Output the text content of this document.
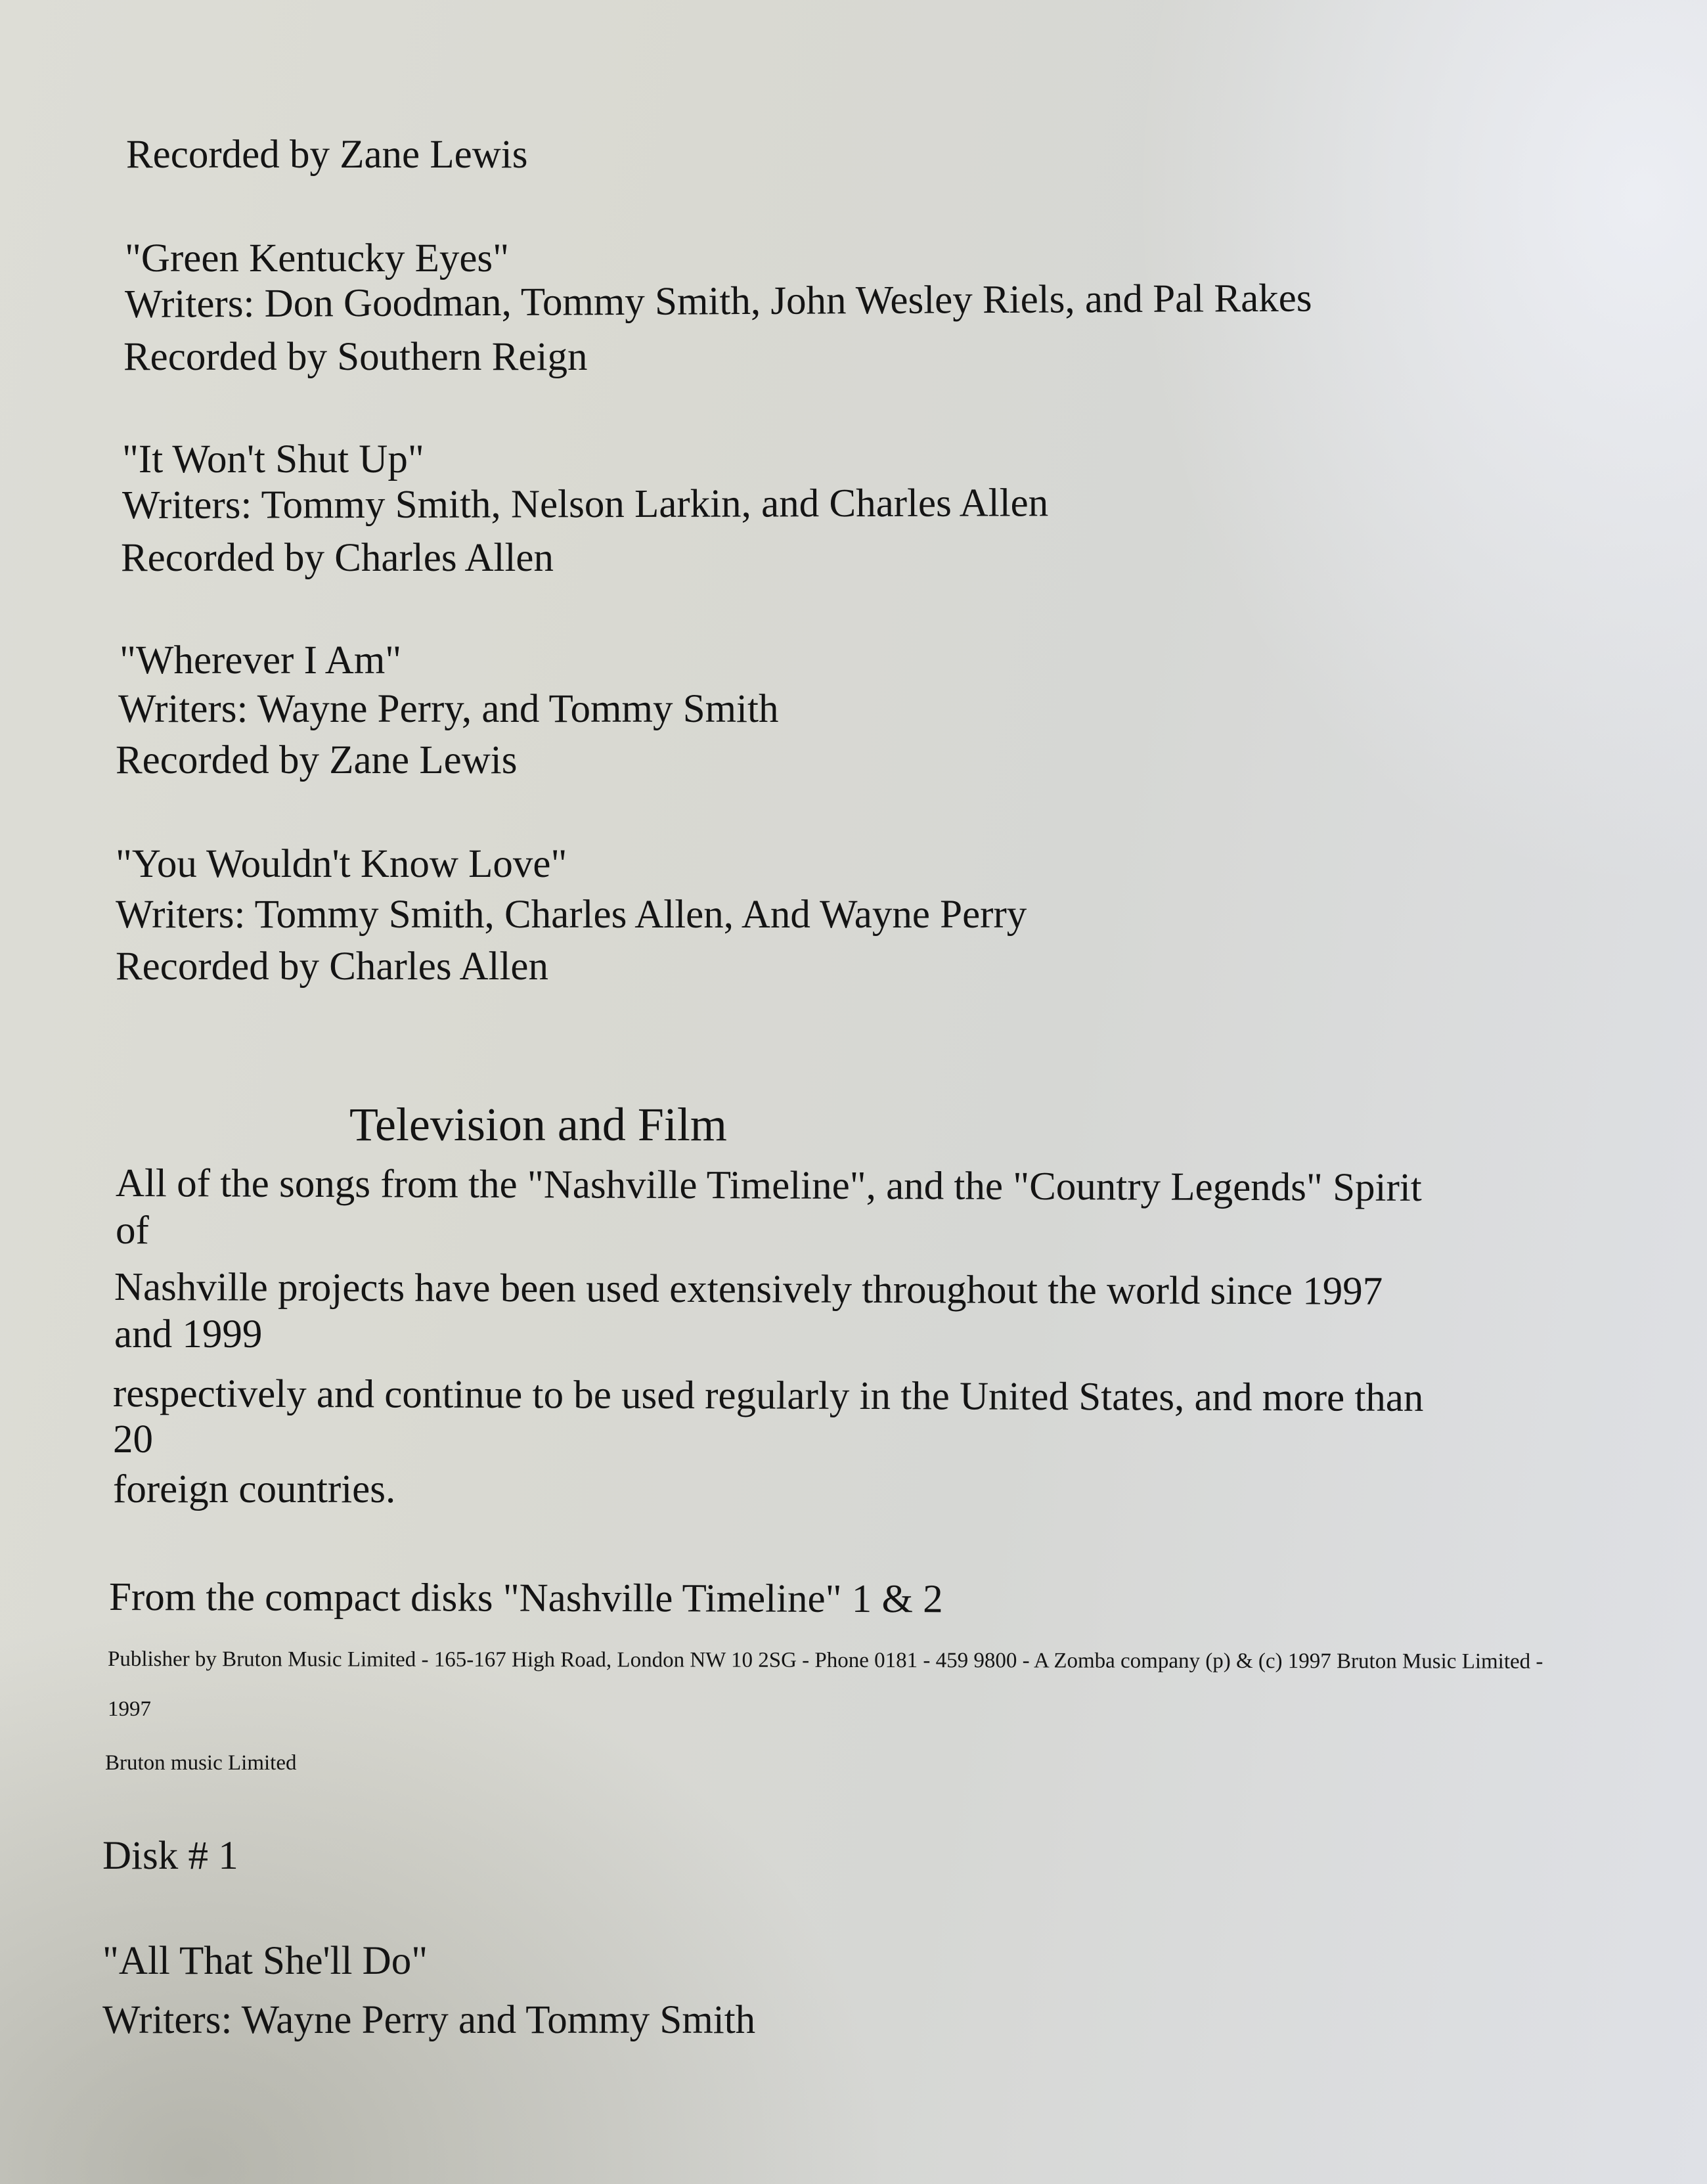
Recorded by Zane Lewis
"Green Kentucky Eyes"
Writers: Don Goodman, Tommy Smith, John Wesley Riels, and Pal Rakes
Recorded by Southern Reign
"It Won't Shut Up"
Writers: Tommy Smith, Nelson Larkin, and Charles Allen
Recorded by Charles Allen
"Wherever I Am"
Writers: Wayne Perry, and Tommy Smith
Recorded by Zane Lewis
"You Wouldn't Know Love"
Writers: Tommy Smith, Charles Allen, And Wayne Perry
Recorded by Charles Allen
Television and Film
All of the songs from the "Nashville Timeline", and the "Country Legends" Spirit
of
Nashville projects have been used extensively throughout the world since 1997
and 1999
respectively and continue to be used regularly in the United States, and more than
20
foreign countries.
From the compact disks "Nashville Timeline" 1 & 2
Publisher by Bruton Music Limited - 165-167 High Road, London NW 10 2SG - Phone 0181 - 459 9800 - A Zomba company (p) & (c) 1997 Bruton Music Limited -
1997
Bruton music Limited
Disk # 1
"All That She'll Do"
Writers: Wayne Perry and Tommy Smith
